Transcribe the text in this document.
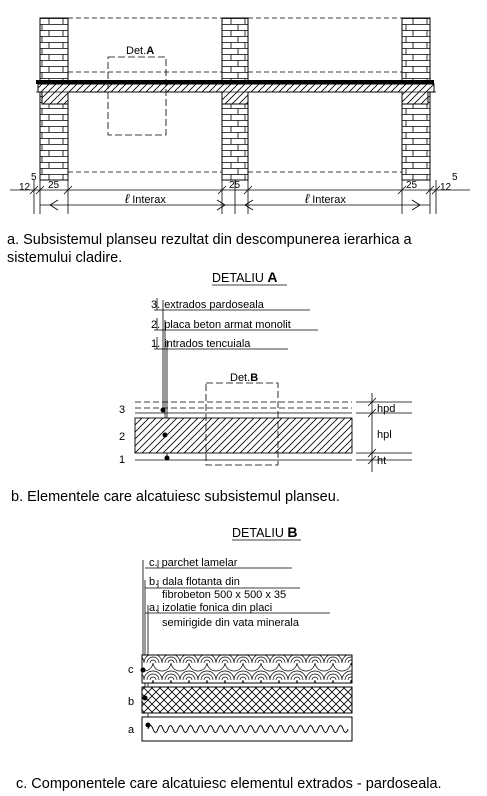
Det.A
12
5
25	25	25 12
5
ℓ Interax	ℓ Interax
a. Subsistemul planseu rezultat din descompunerea ierarhica a
sistemului cladire.
DETALIU A
3. extrados pardoseala
2. placa beton armat monolit
1. intrados tencuiala
Det.B
3
2
1
hpd
hpl
ht
b. Elementele care alcatuiesc subsistemul planseu.
DETALIU B
c. parchet lamelar
b. dala flotanta din
fibrobeton 500 x 500 x 35
a. izolatie fonica din placi
semirigide din vata minerala
c
b
a
c. Componentele care alcatuiesc elementul extrados - pardoseala.
